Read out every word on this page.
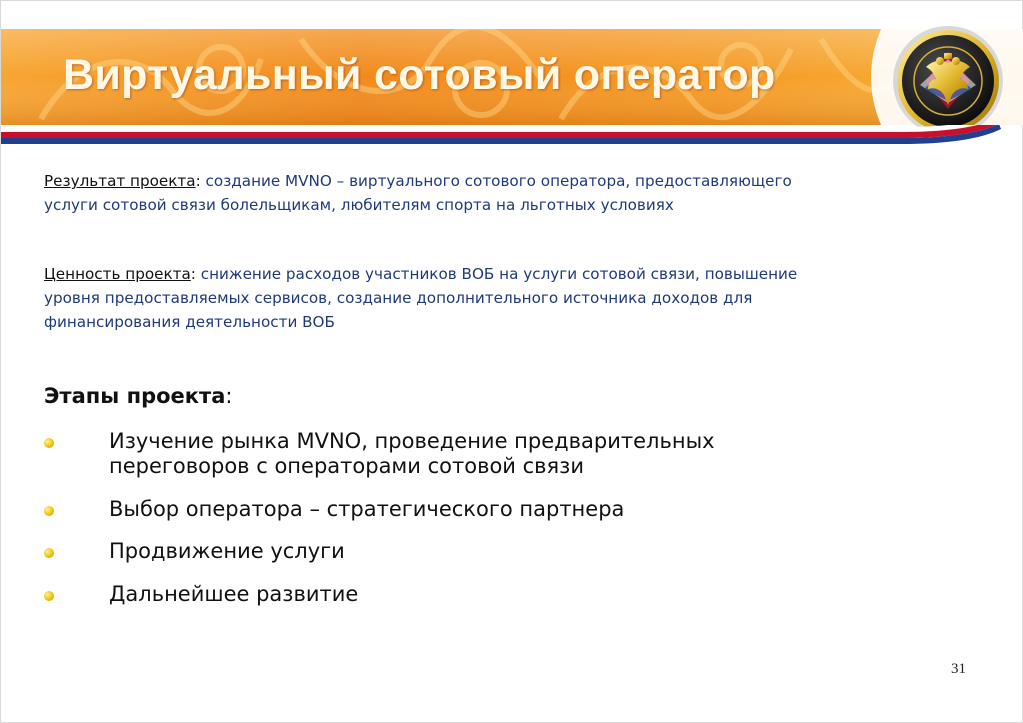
Виртуальный сотовый оператор
Результат проекта: создание MVNO – виртуального сотового оператора, предоставляющего услуги сотовой связи болельщикам, любителям спорта на льготных условиях
Ценность проекта: снижение расходов участников ВОБ на услуги сотовой связи, повышение уровня предоставляемых сервисов, создание дополнительного источника доходов для финансирования деятельности ВОБ
Этапы проекта:
Изучение рынка MVNO, проведение предварительных переговоров с операторами сотовой связи
Выбор оператора – стратегического партнера
Продвижение услуги
Дальнейшее развитие
31
